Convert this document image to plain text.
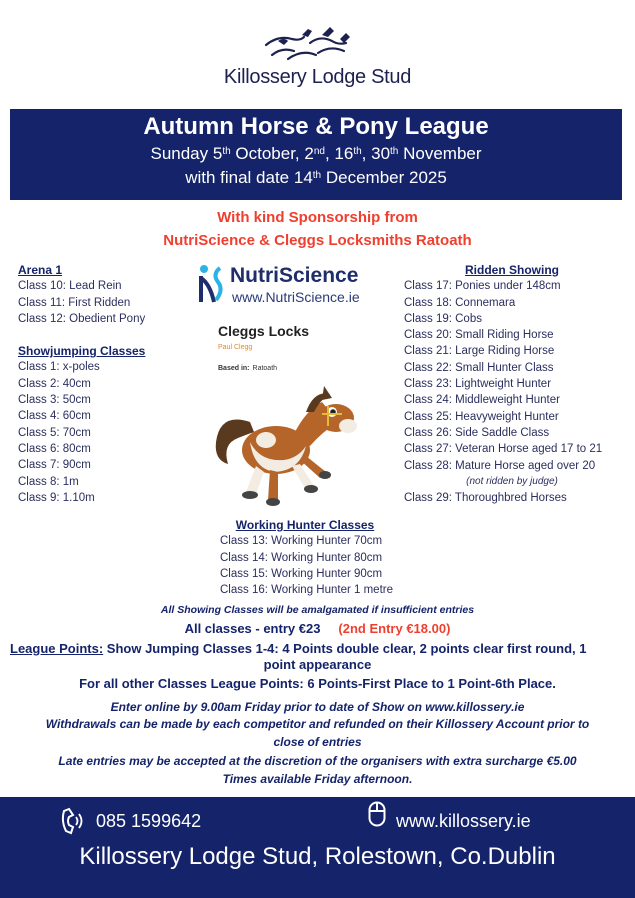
Killossery Lodge Stud
Autumn Horse & Pony League
Sunday 5th October, 2nd, 16th, 30th November
with final date 14th December 2025
With kind Sponsorship from
NutriScience & Cleggs Locksmiths Ratoath
Arena 1
Class 10: Lead Rein
Class 11: First Ridden
Class 12: Obedient Pony
Showjumping Classes
Class 1: x-poles
Class 2: 40cm
Class 3: 50cm
Class 4: 60cm
Class 5: 70cm
Class 6: 80cm
Class 7: 90cm
Class 8: 1m
Class 9: 1.10m
NutriScience
www.NutriScience.ie
Cleggs Locks
Paul Clegg
Based in: Ratoath
Ridden Showing
Class 17: Ponies under 148cm
Class 18: Connemara
Class 19: Cobs
Class 20: Small Riding Horse
Class 21: Large Riding Horse
Class 22: Small Hunter Class
Class 23: Lightweight Hunter
Class 24: Middleweight Hunter
Class 25: Heavyweight Hunter
Class 26: Side Saddle Class
Class 27: Veteran Horse aged 17 to 21
Class 28: Mature Horse aged over 20
(not ridden by judge)
Class 29: Thoroughbred Horses
Working Hunter Classes
Class 13: Working Hunter 70cm
Class 14: Working Hunter 80cm
Class 15: Working Hunter 90cm
Class 16: Working Hunter 1 metre
All Showing Classes will be amalgamated if insufficient entries
All classes - entry €23 (2nd Entry €18.00)
League Points: Show Jumping Classes 1-4: 4 Points double clear, 2 points clear first round, 1
point appearance
For all other Classes League Points: 6 Points-First Place to 1 Point-6th Place.
Enter online by 9.00am Friday prior to date of Show on www.killossery.ie
Withdrawals can be made by each competitor and refunded on their Killossery Account prior to
close of entries
Late entries may be accepted at the discretion of the organisers with extra surcharge €5.00
Times available Friday afternoon.
085 1599642	www.killossery.ie
Killossery Lodge Stud, Rolestown, Co.Dublin
